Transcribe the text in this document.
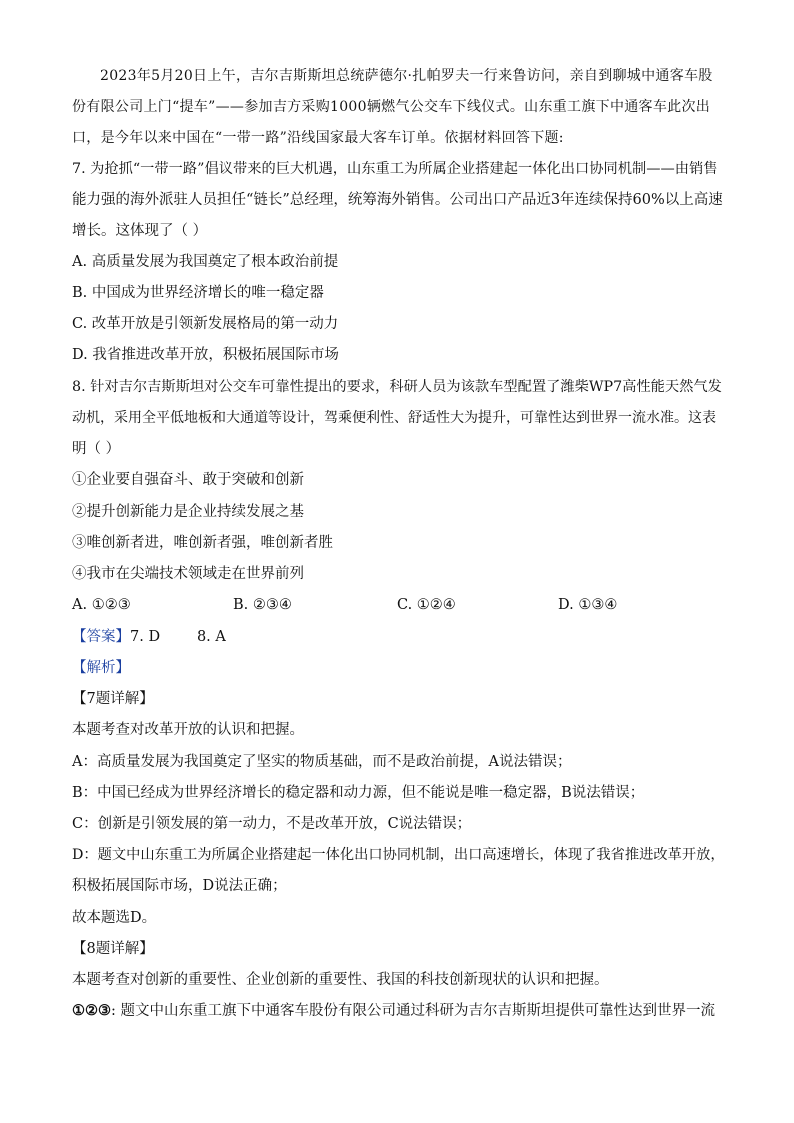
2023年5月20日上午，吉尔吉斯斯坦总统萨德尔·扎帕罗夫一行来鲁访问，亲自到聊城中通客车股
份有限公司上门“提车”——参加吉方采购1000辆燃气公交车下线仪式。山东重工旗下中通客车此次出
口，是今年以来中国在“一带一路”沿线国家最大客车订单。依据材料回答下题:
7. 为抢抓“一带一路”倡议带来的巨大机遇，山东重工为所属企业搭建起一体化出口协同机制——由销售
能力强的海外派驻人员担任“链长”总经理，统筹海外销售。公司出口产品近3年连续保持60%以上高速
增长。这体现了（ ）
A. 高质量发展为我国奠定了根本政治前提
B. 中国成为世界经济增长的唯一稳定器
C. 改革开放是引领新发展格局的第一动力
D. 我省推进改革开放，积极拓展国际市场
8. 针对吉尔吉斯斯坦对公交车可靠性提出的要求，科研人员为该款车型配置了潍柴WP7高性能天然气发
动机，采用全平低地板和大通道等设计，驾乘便利性、舒适性大为提升，可靠性达到世界一流水准。这表
明（ ）
①企业要自强奋斗、敢于突破和创新
②提升创新能力是企业持续发展之基
③唯创新者进，唯创新者强，唯创新者胜
④我市在尖端技术领域走在世界前列
A. ①②③	B. ②③④	C. ①②④	D. ①③④
【答案】7. D        8. A
【解析】
【7题详解】
本题考查对改革开放的认识和把握。
A：高质量发展为我国奠定了坚实的物质基础，而不是政治前提，A说法错误；
B：中国已经成为世界经济增长的稳定器和动力源，但不能说是唯一稳定器，B说法错误；
C：创新是引领发展的第一动力，不是改革开放，C说法错误；
D：题文中山东重工为所属企业搭建起一体化出口协同机制，出口高速增长，体现了我省推进改革开放，
积极拓展国际市场，D说法正确；
故本题选D。
【8题详解】
本题考查对创新的重要性、企业创新的重要性、我国的科技创新现状的认识和把握。
①②③: 题文中山东重工旗下中通客车股份有限公司通过科研为吉尔吉斯斯坦提供可靠性达到世界一流
